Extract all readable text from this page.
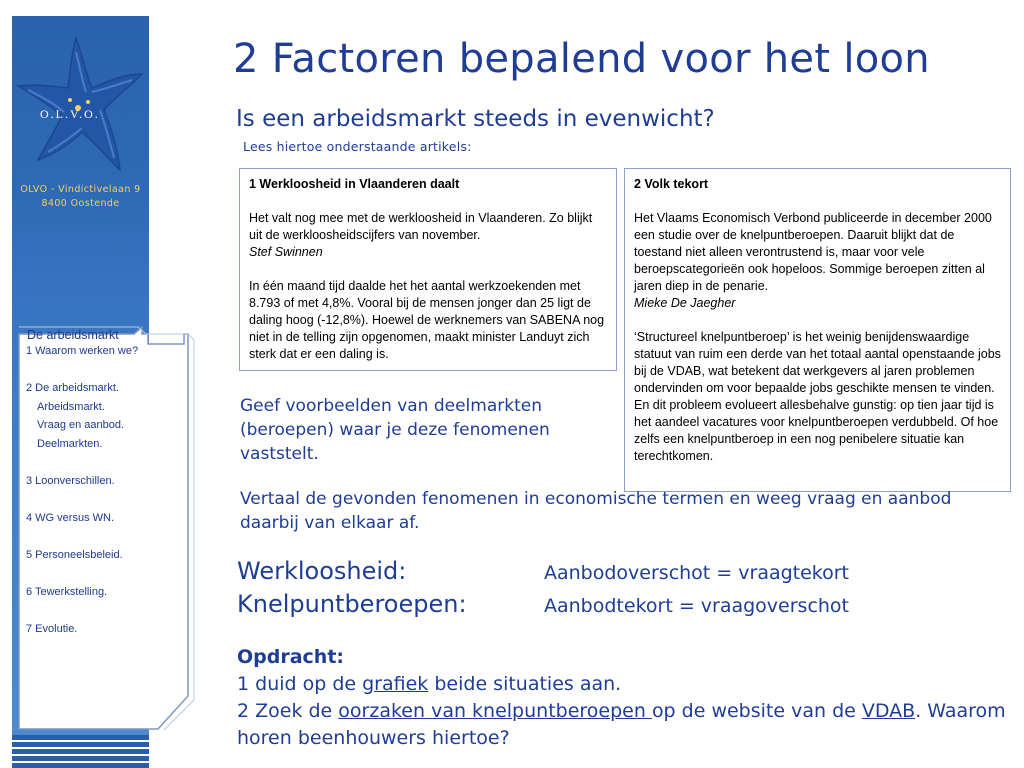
O.L.V.O.
OLVO - Vindictivelaan 9
8400 Oostende
De arbeidsmarkt
1 Waarom werken we?
2 De arbeidsmarkt.
Arbeidsmarkt.
Vraag en aanbod.
Deelmarkten.
3 Loonverschillen.
4 WG versus WN.
5 Personeelsbeleid.
6 Tewerkstelling.
7 Evolutie.
2 Factoren bepalend voor het loon
Is een arbeidsmarkt steeds in evenwicht?
Lees hiertoe onderstaande artikels:
1 Werkloosheid in Vlaanderen daalt

Het valt nog mee met de werkloosheid in Vlaanderen. Zo blijkt uit de werkloosheidscijfers van november.
Stef Swinnen

In één maand tijd daalde het het aantal werkzoekenden met 8.793 of met 4,8%. Vooral bij de mensen jonger dan 25 ligt de daling hoog (-12,8%). Hoewel de werknemers van SABENA nog niet in de telling zijn opgenomen, maakt minister Landuyt zich sterk dat er een daling is.

2 Volk tekort

Het Vlaams Economisch Verbond publiceerde in december 2000 een studie over de knelpuntberoepen. Daaruit blijkt dat de toestand niet alleen verontrustend is, maar voor vele beroepscategorieën ook hopeloos. Sommige beroepen zitten al jaren diep in de penarie.
Mieke De Jaegher

‘Structureel knelpuntberoep’ is het weinig benijdenswaardige statuut van ruim een derde van het totaal aantal openstaande jobs bij de VDAB, wat betekent dat werkgevers al jaren problemen ondervinden om voor bepaalde jobs geschikte mensen te vinden. En dit probleem evolueert allesbehalve gunstig: op tien jaar tijd is het aandeel vacatures voor knelpuntberoepen verdubbeld. Of hoe zelfs een knelpuntberoep in een nog penibelere situatie kan terechtkomen.

Geef voorbeelden van deelmarkten (beroepen) waar je deze fenomenen vaststelt.
Vertaal de gevonden fenomenen in economische termen en weeg vraag en aanbod daarbij van elkaar af.
Werkloosheid:	Aanbodoverschot = vraagtekort
Knelpuntberoepen:	Aanbodtekort = vraagoverschot
Opdracht:
1 duid op de grafiek beide situaties aan.
2 Zoek de oorzaken van knelpuntberoepen op de website van de VDAB. Waarom horen beenhouwers hiertoe?
